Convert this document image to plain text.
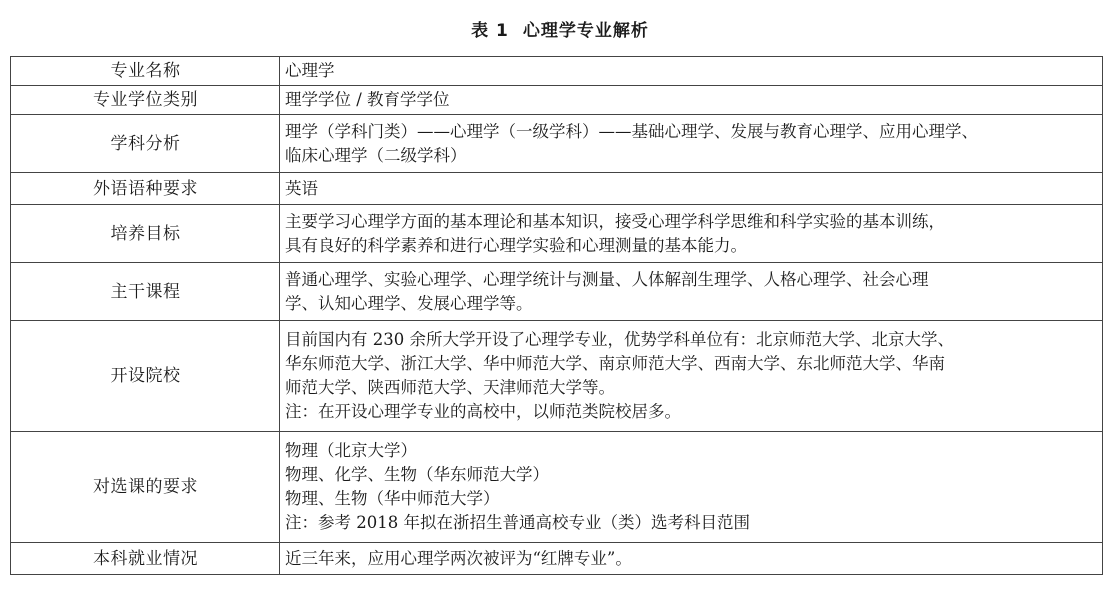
表 1 心理学专业解析
专业名称	心理学

专业学位类别	理学学位 / 教育学学位

学科分析	理学（学科门类）——心理学（一级学科）——基础心理学、发展与教育心理学、应用心理学、
临床心理学（二级学科）

外语语种要求	英语

培养目标	主要学习心理学方面的基本理论和基本知识，接受心理学科学思维和科学实验的基本训练，
具有良好的科学素养和进行心理学实验和心理测量的基本能力。

主干课程	普通心理学、实验心理学、心理学统计与测量、人体解剖生理学、人格心理学、社会心理
学、认知心理学、发展心理学等。

开设院校	目前国内有 230 余所大学开设了心理学专业，优势学科单位有：北京师范大学、北京大学、
华东师范大学、浙江大学、华中师范大学、南京师范大学、西南大学、东北师范大学、华南
师范大学、陕西师范大学、天津师范大学等。
注：在开设心理学专业的高校中，以师范类院校居多。

对选课的要求	物理（北京大学）
物理、化学、生物（华东师范大学）
物理、生物（华中师范大学）
注：参考 2018 年拟在浙招生普通高校专业（类）选考科目范围

本科就业情况	近三年来，应用心理学两次被评为“红牌专业”。
